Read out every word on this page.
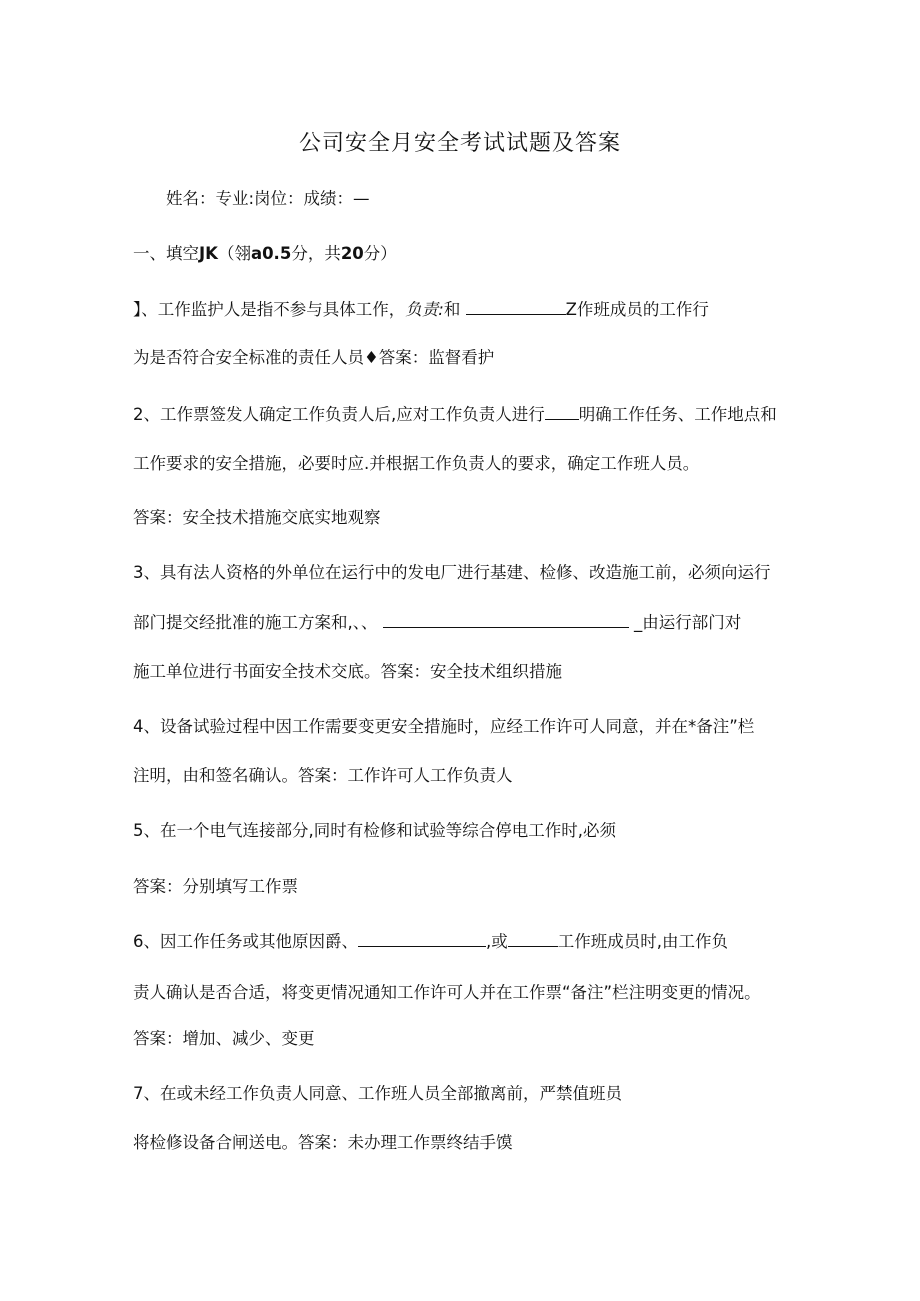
公司安全月安全考试试题及答案
姓名：专业:岗位：成绩：—
一、填空JK（翎a0.5分，共20分）
】、工作监护人是指不参与具体工作，负责:和	Z作班成员的工作行
为是否符合安全标准的责任人员♦答案：监督看护
2、工作票签发人确定工作负责人后,应对工作负责人进行 明确工作任务、工作地点和
工作要求的安全措施，必要时应.并根据工作负责人的要求，确定工作班人员。
答案：安全技术措施交底实地观察
3、具有法人资格的外单位在运行中的发电厂进行基建、检修、改造施工前，必须向运行
部门提交经批准的施工方案和,、、	_由运行部门对
施工单位进行书面安全技术交底。答案：安全技术组织措施
4、设备试验过程中因工作需要变更安全措施时，应经工作许可人同意，并在*备注”栏
注明，由和签名确认。答案：工作许可人工作负责人
5、在一个电气连接部分,同时有检修和试验等综合停电工作时,必须
答案：分别填写工作票
6、因工作任务或其他原因爵、	,或	工作班成员时,由工作负
责人确认是否合适，将变更情况通知工作许可人并在工作票“备注”栏注明变更的情况。
答案：增加、减少、变更
7、在或未经工作负责人同意、工作班人员全部撤离前，严禁值班员
将检修设备合闸送电。答案：未办理工作票终结手馍
